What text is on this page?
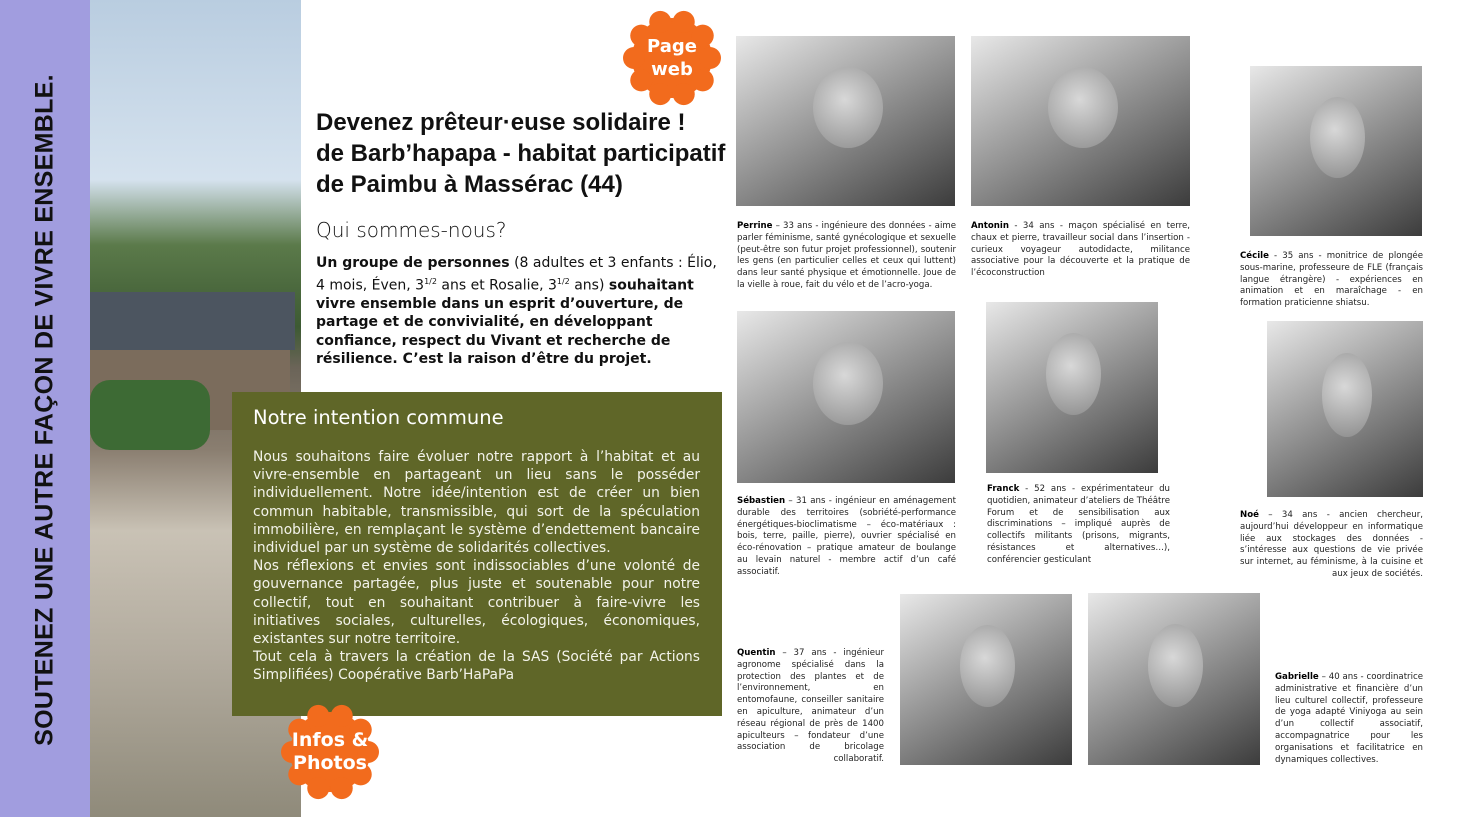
SOUTENEZ UNE AUTRE FAÇON DE VIVRE ENSEMBLE.	Devenez prêteur·euse solidaire !
de Barb’hapapa - habitat participatif
de Paimbu à Massérac (44)
Qui sommes-nous?
Un groupe de personnes (8 adultes et 3 enfants : Élio, 4 mois, Éven, $3^{1/2}$ ans et Rosalie, $3^{1/2}$ ans) souhaitant vivre ensemble dans un esprit d’ouverture, de partage et de convivialité, en développant confiance, respect du Vivant et recherche de résilience. C’est la raison d’être du projet.
Notre intention commune

Nous souhaitons faire évoluer notre rapport à l’habitat et au vivre-ensemble en partageant un lieu sans le posséder individuellement. Notre idée/intention est de créer un bien commun habitable, transmissible, qui sort de la spéculation immobilière, en remplaçant le système d’endettement bancaire individuel par un système de solidarités collectives.

Nos réflexions et envies sont indissociables d’une volonté de gouvernance partagée, plus juste et soutenable pour notre collectif, tout en souhaitant contribuer à faire-vivre les initiatives sociales, culturelles, écologiques, économiques, existantes sur notre territoire.

Tout cela à travers la création de la SAS (Société par Actions Simplifiées) Coopérative Barb’HaPaPa

Page web
Infos & Photos
Perrine – 33 ans - ingénieure des données - aime parler féminisme, santé gynécologique et sexuelle (peut-être son futur projet professionnel), soutenir les gens (en particulier celles et ceux qui luttent) dans leur santé physique et émotionnelle. Joue de la vielle à roue, fait du vélo et de l’acro-yoga.
Antonin - 34 ans - maçon spécialisé en terre, chaux et pierre, travailleur social dans l’insertion - curieux voyageur autodidacte, militance associative pour la découverte et la pratique de l’écoconstruction
Cécile - 35 ans - monitrice de plongée sous-marine, professeure de FLE (français langue étrangère) - expériences en animation et en maraîchage - en formation praticienne shiatsu.
Sébastien – 31 ans - ingénieur en aménagement durable des territoires (sobriété-performance énergétiques-bioclimatisme – éco-matériaux : bois, terre, paille, pierre), ouvrier spécialisé en éco-rénovation – pratique amateur de boulange au levain naturel - membre actif d’un café associatif.
Franck - 52 ans - expérimentateur du quotidien, animateur d’ateliers de Théâtre Forum et de sensibilisation aux discriminations – impliqué auprès de collectifs militants (prisons, migrants, résistances et alternatives…), conférencier gesticulant
Noé – 34 ans - ancien chercheur, aujourd’hui développeur en informatique liée aux stockages des données - s’intéresse aux questions de vie privée sur internet, au féminisme, à la cuisine et aux jeux de sociétés.
Quentin – 37 ans - ingénieur agronome spécialisé dans la protection des plantes et de l’environnement, en entomofaune, conseiller sanitaire en apiculture, animateur d’un réseau régional de près de 1400 apiculteurs – fondateur d’une association de bricolage collaboratif.
Gabrielle – 40 ans - coordinatrice administrative et financière d’un lieu culturel collectif, professeure de yoga adapté Viniyoga au sein d’un collectif associatif, accompagnatrice pour les organisations et facilitatrice en dynamiques collectives.
